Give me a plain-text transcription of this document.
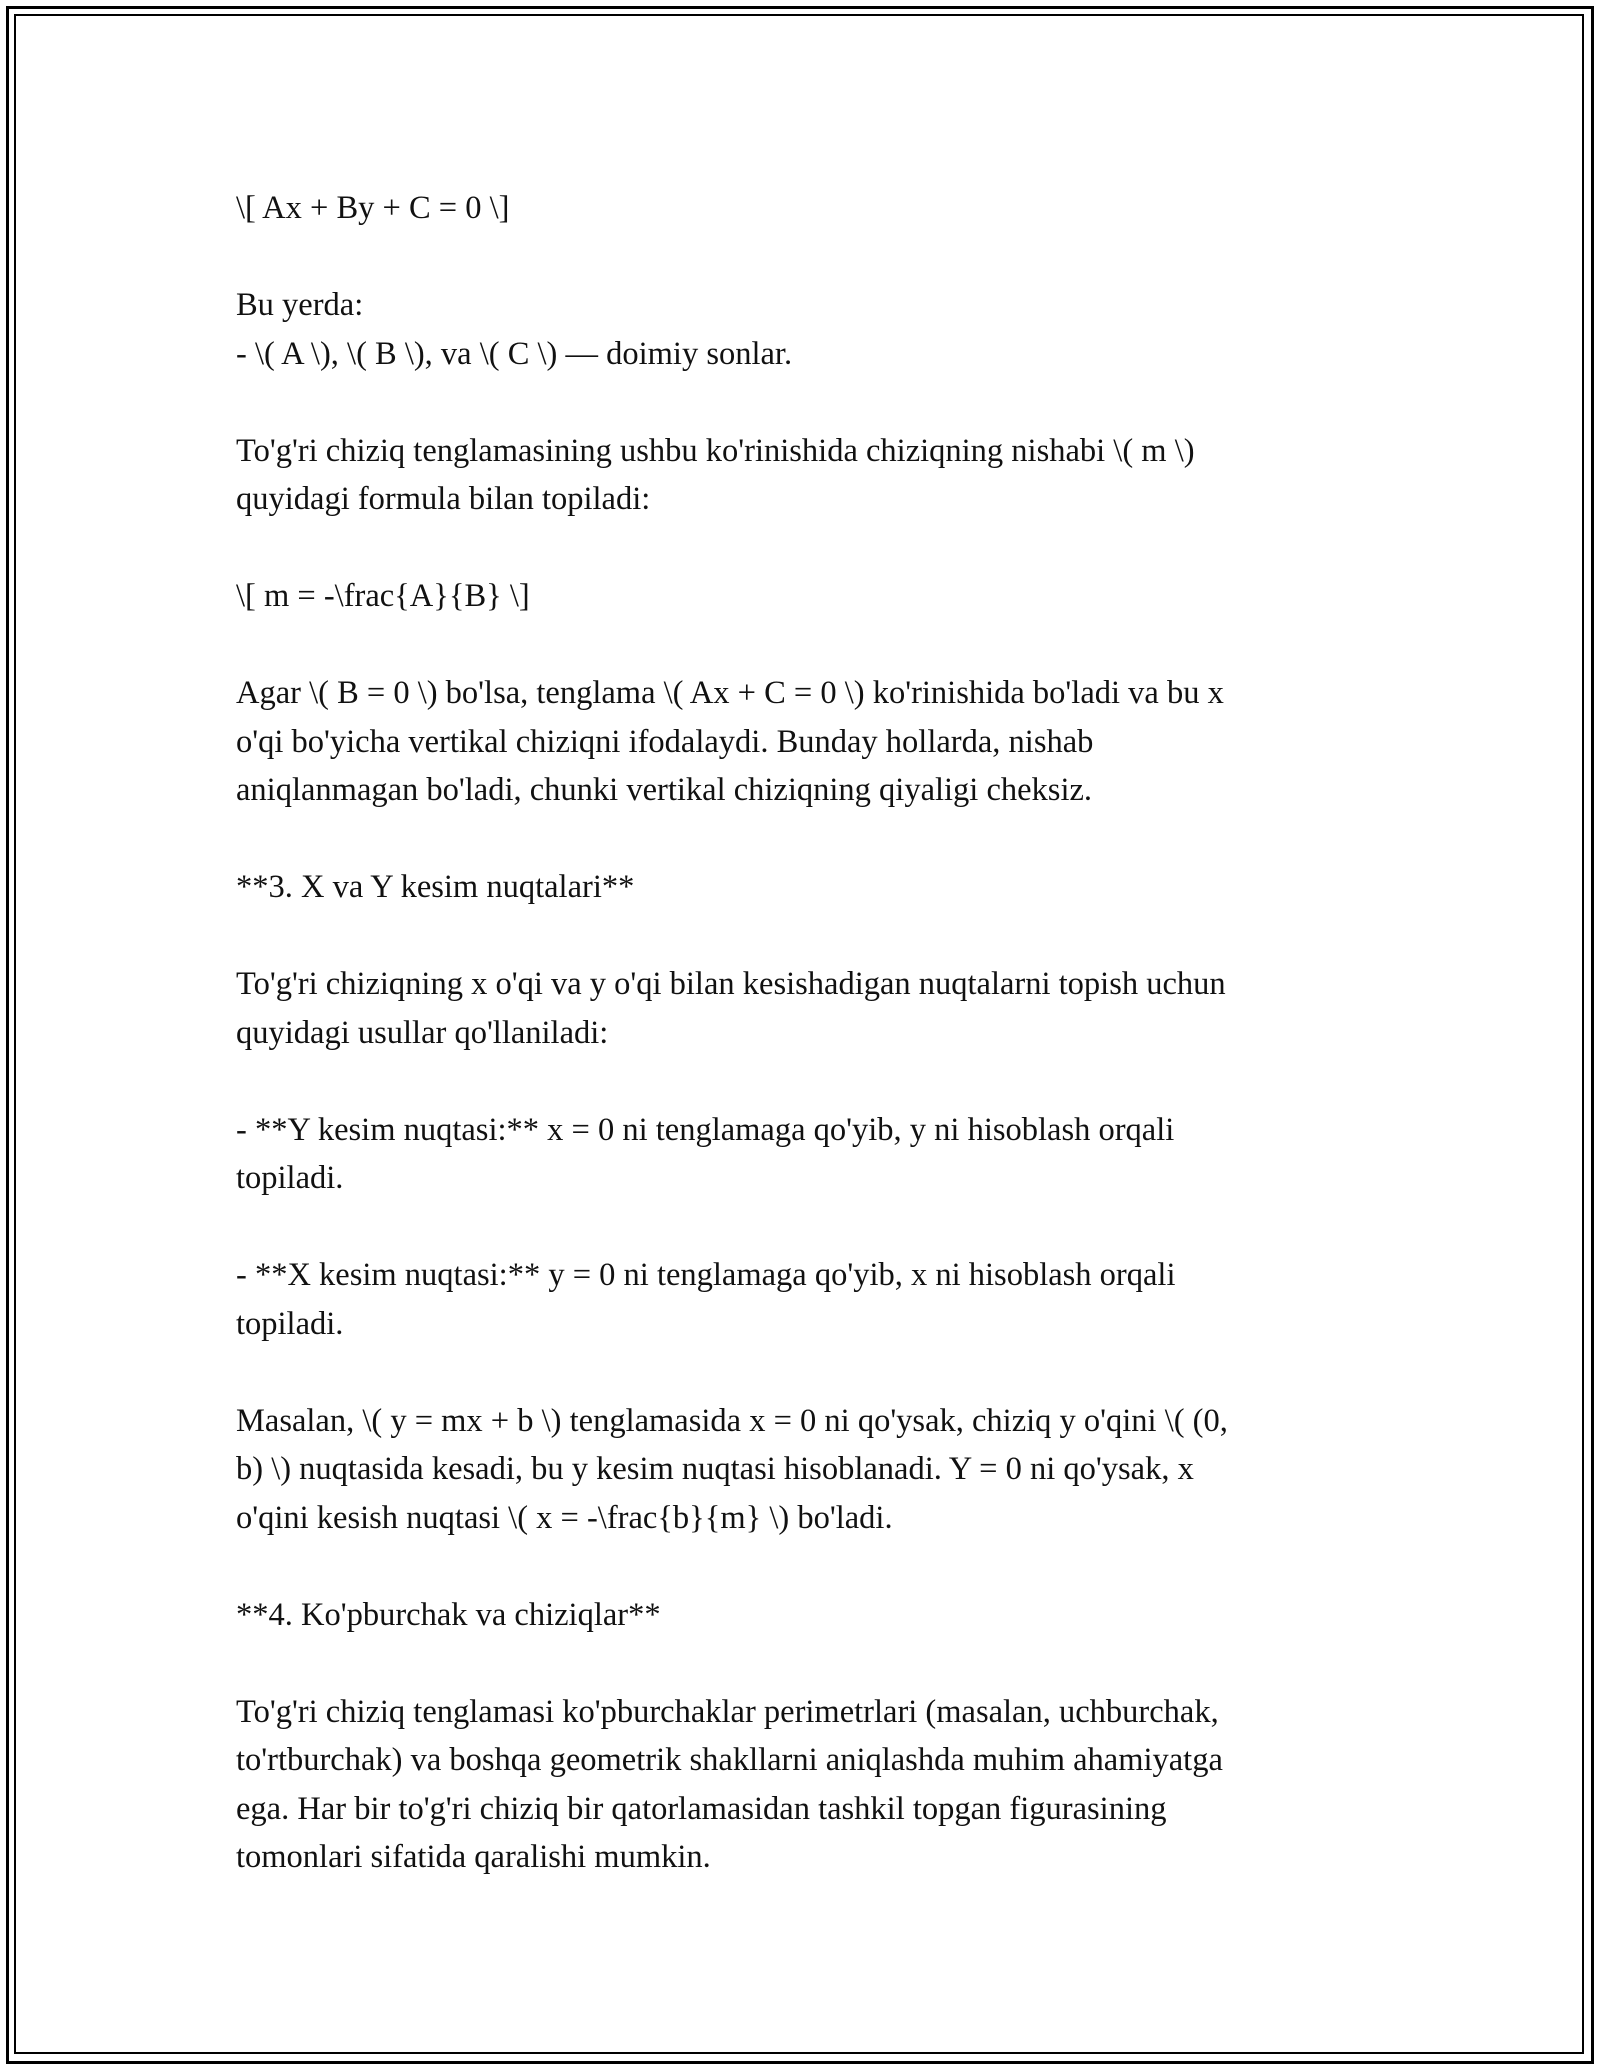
\[ Ax + By + C = 0 \]

Bu yerda:
- \( A \), \( B \), va \( C \) — doimiy sonlar.

To'g'ri chiziq tenglamasining ushbu ko'rinishida chiziqning nishabi \( m \)
quyidagi formula bilan topiladi:

\[ m = -\frac{A}{B} \]

Agar \( B = 0 \) bo'lsa, tenglama \( Ax + C = 0 \) ko'rinishida bo'ladi va bu x
o'qi bo'yicha vertikal chiziqni ifodalaydi. Bunday hollarda, nishab
aniqlanmagan bo'ladi, chunki vertikal chiziqning qiyaligi cheksiz.

**3. X va Y kesim nuqtalari**

To'g'ri chiziqning x o'qi va y o'qi bilan kesishadigan nuqtalarni topish uchun
quyidagi usullar qo'llaniladi:

- **Y kesim nuqtasi:** x = 0 ni tenglamaga qo'yib, y ni hisoblash orqali
topiladi.

- **X kesim nuqtasi:** y = 0 ni tenglamaga qo'yib, x ni hisoblash orqali
topiladi.

Masalan, \( y = mx + b \) tenglamasida x = 0 ni qo'ysak, chiziq y o'qini \( (0,
b) \) nuqtasida kesadi, bu y kesim nuqtasi hisoblanadi. Y = 0 ni qo'ysak, x
o'qini kesish nuqtasi \( x = -\frac{b}{m} \) bo'ladi.

**4. Ko'pburchak va chiziqlar**

To'g'ri chiziq tenglamasi ko'pburchaklar perimetrlari (masalan, uchburchak,
to'rtburchak) va boshqa geometrik shakllarni aniqlashda muhim ahamiyatga
ega. Har bir to'g'ri chiziq bir qatorlamasidan tashkil topgan figurasining
tomonlari sifatida qaralishi mumkin.
